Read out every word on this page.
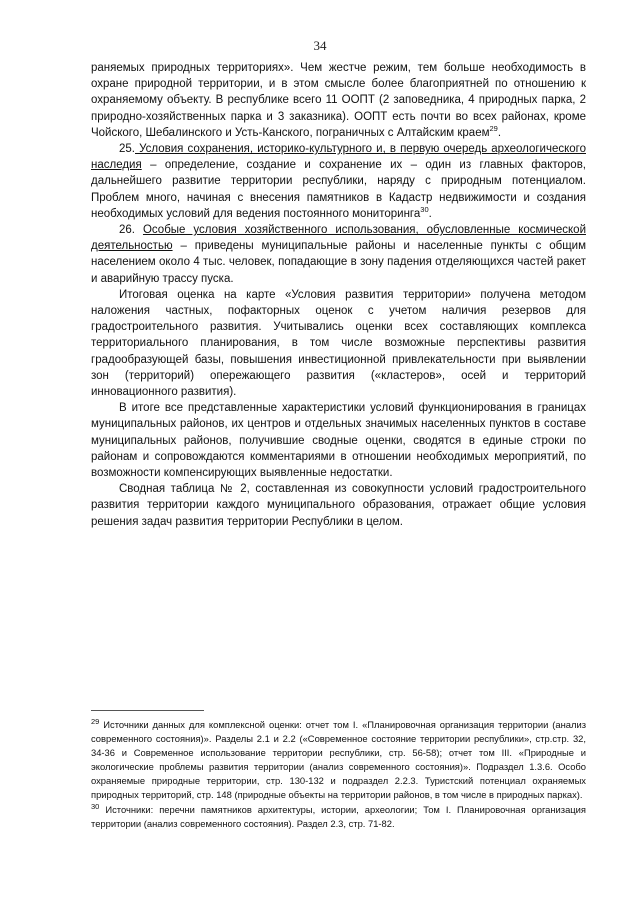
34

раняемых природных территориях». Чем жестче режим, тем больше необходимость в охране природной территории, и в этом смысле более благоприятней по отношению к охраняемому объекту. В республике всего 11 ООПТ (2 заповедника, 4 природных парка, 2 природно-хозяйственных парка и 3 заказника). ООПТ есть почти во всех районах, кроме Чойского, Шебалинского и Усть-Канского, пограничных с Алтайским краем$^{29}$.

25. Условия сохранения, историко-культурного и, в первую очередь археологического наследия – определение, создание и сохранение их – один из главных факторов, дальнейшего развитие территории республики, наряду с природным потенциалом. Проблем много, начиная с внесения памятников в Кадастр недвижимости и создания необходимых условий для ведения постоянного мониторинга$^{30}$.

26. Особые условия хозяйственного использования, обусловленные космической деятельностью – приведены муниципальные районы и населенные пункты с общим населением около 4 тыс. человек, попадающие в зону падения отделяющихся частей ракет и аварийную трассу пуска.

Итоговая оценка на карте «Условия развития территории» получена методом наложения частных, пофакторных оценок с учетом наличия резервов для градостроительного развития. Учитывались оценки всех составляющих комплекса территориального планирования, в том числе возможные перспективы развития градообразующей базы, повышения инвестиционной привлекательности при выявлении зон (территорий) опережающего развития («кластеров», осей и территорий инновационного развития).

В итоге все представленные характеристики условий функционирования в границах муниципальных районов, их центров и отдельных значимых населенных пунктов в составе муниципальных районов, получившие сводные оценки, сводятся в единые строки по районам и сопровождаются комментариями в отношении необходимых мероприятий, по возможности компенсирующих выявленные недостатки.

Сводная таблица № 2, составленная из совокупности условий градостроительного развития территории каждого муниципального образования, отражает общие условия решения задач развития территории Республики в целом.

$^{29}$ Источники данных для комплексной оценки: отчет том I. «Планировочная организация территории (анализ современного состояния)». Разделы 2.1 и 2.2 («Современное состояние территории республики», стр.стр. 32, 34-36 и Современное использование территории республики, стр. 56-58); отчет том III. «Природные и экологические проблемы развития территории (анализ современного состояния)». Подраздел 1.3.6. Особо охраняемые природные территории, стр. 130-132 и подраздел 2.2.3. Туристский потенциал охраняемых природных территорий, стр. 148 (природные объекты на территории районов, в том числе в природных парках).

$^{30}$ Источники: перечни памятников архитектуры, истории, археологии; Том I. Планировочная организация территории (анализ современного состояния). Раздел 2.3, стр. 71-82.
